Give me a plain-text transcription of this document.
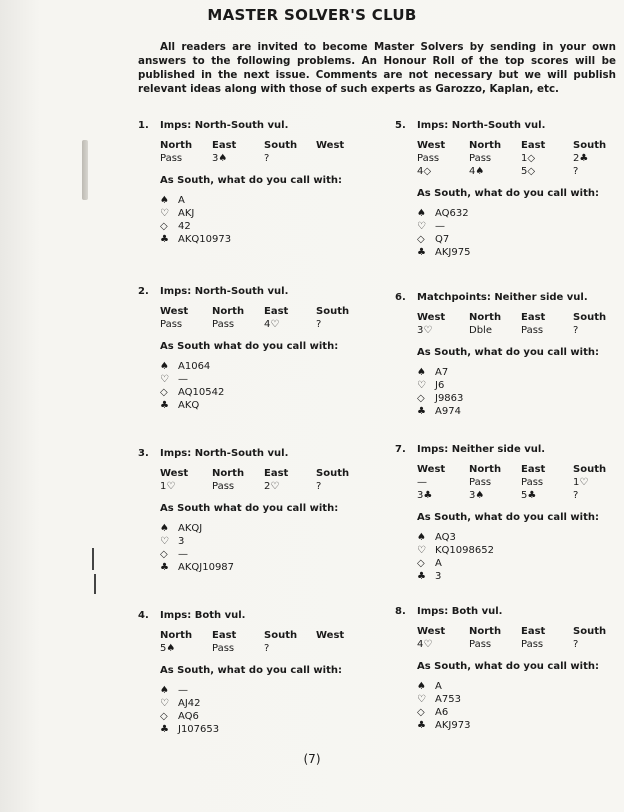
MASTER SOLVER'S CLUB
All readers are invited to become Master Solvers by sending in your own answers to the following problems. An Honour Roll of the top scores will be published in the next issue. Comments are not necessary but we will publish relevant ideas along with those of such experts as Garozzo, Kaplan, etc.
1.	Imps: North-South vul.
North	East	South	West
Pass	3♠	?
As South, what do you call with:
♠ A
♡ AKJ
◇	42
♣ AKQ10973
2.	Imps: North-South vul.
West	North	East	South
Pass	Pass	4♡	?
As South what do you call with:
♠ A1064
♡ —
◇	AQ10542
♣ AKQ
3.	Imps: North-South vul.
West	North	East	South
1♡	Pass	2♡	?
As South what do you call with:
♠ AKQJ
♡ 3
◇	—
♣ AKQJ10987
4.	Imps: Both vul.
North	East	South	West
5♠	Pass	?
As South, what do you call with:
♠ —
♡ AJ42
◇	AQ6
♣ J107653
5.	Imps: North-South vul.
West	North	East	South
Pass	Pass	1◇	2♣
4◇	4♠	5◇	?
As South, what do you call with:
♠ AQ632
♡ —
◇	Q7
♣ AKJ975
6.	Matchpoints: Neither side vul.
West	North	East	South
3♡	Dble	Pass	?
As South, what do you call with:
♠ A7
♡ J6
◇	J9863
♣ A974
7.	Imps: Neither side vul.
West	North	East	South
—	Pass	Pass	1♡
3♣	3♠	5♣	?
As South, what do you call with:
♠ AQ3
♡ KQ1098652
◇	A
♣ 3
8.	Imps: Both vul.
West	North	East	South
4♡	Pass	Pass	?
As South, what do you call with:
♠ A
♡ A753
◇	A6
♣ AKJ973
(7)
